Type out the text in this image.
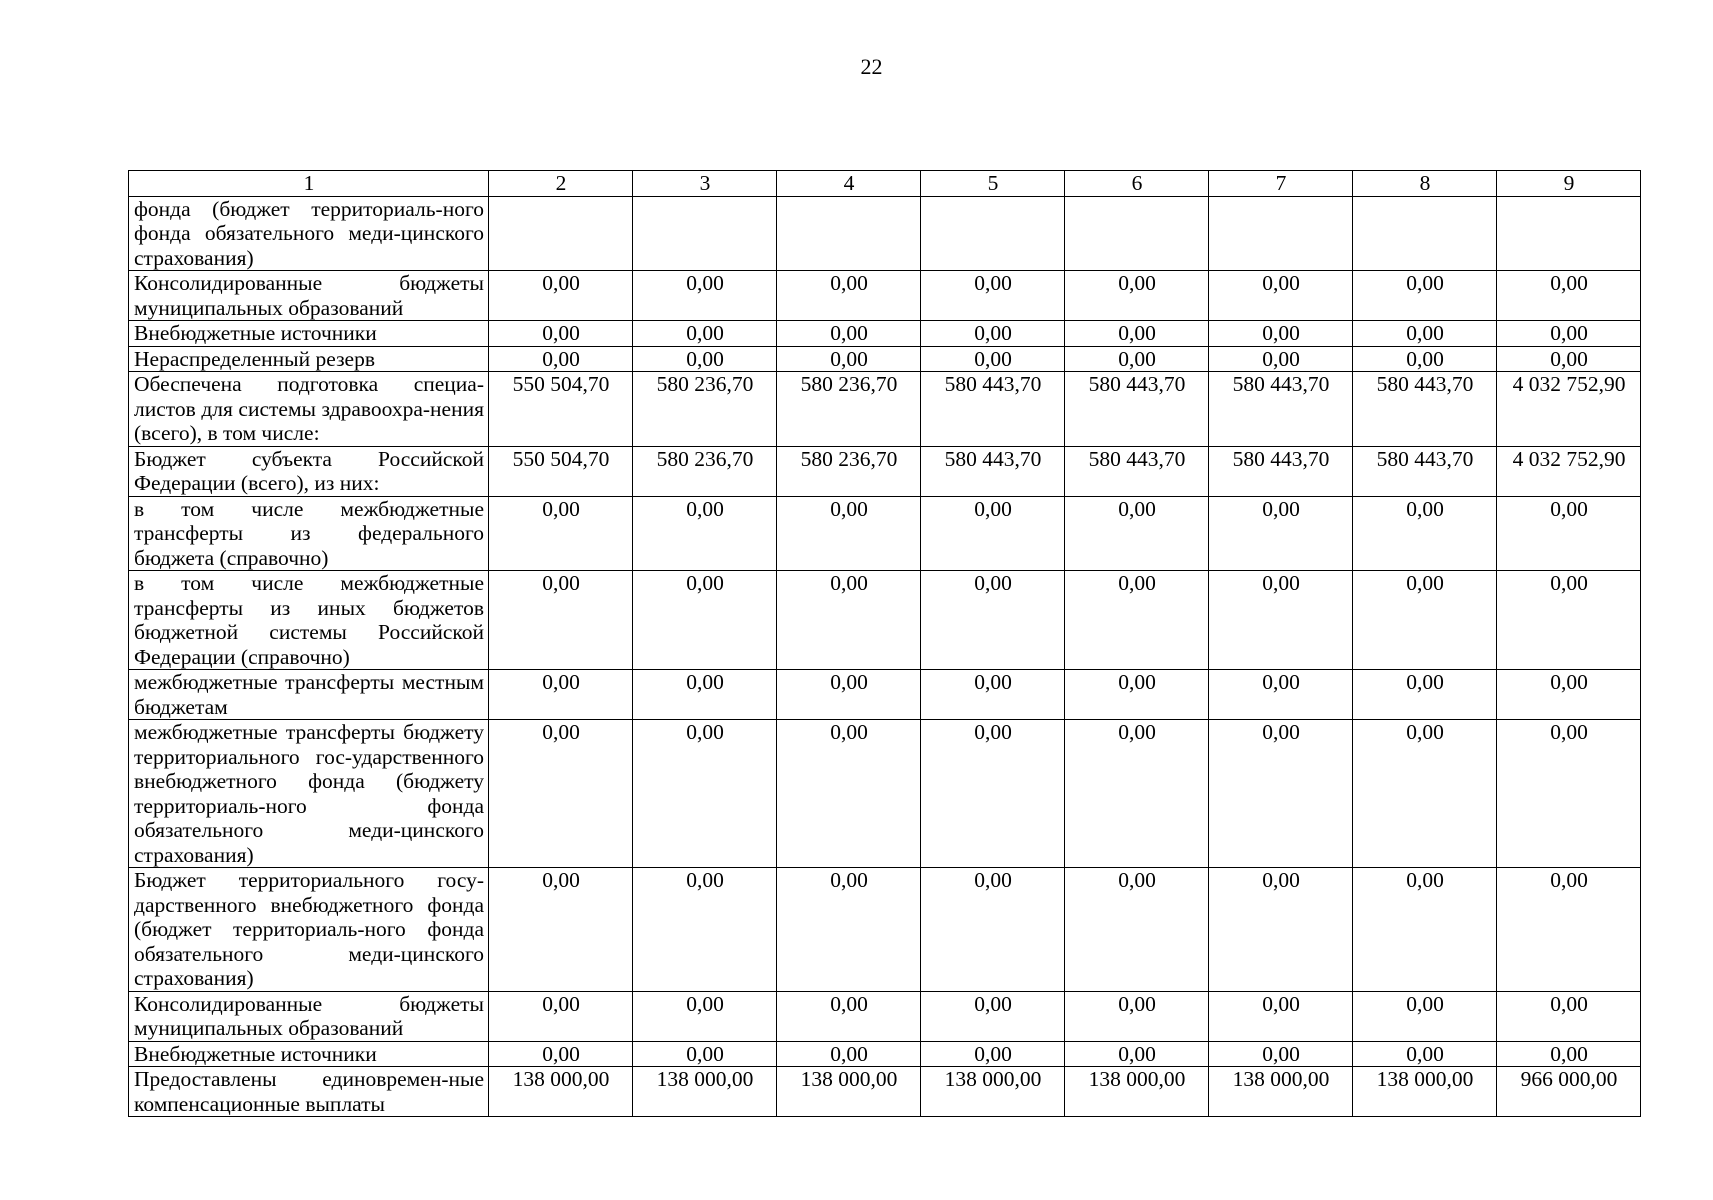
22
1	2	3	4	5	6	7	8	9
фонда (бюджет территориаль-ного фонда обязательного меди-цинского страхования)								
Консолидированные бюджеты муниципальных образований	0,00	0,00	0,00	0,00	0,00	0,00	0,00	0,00
Внебюджетные источники	0,00	0,00	0,00	0,00	0,00	0,00	0,00	0,00
Нераспределенный резерв	0,00	0,00	0,00	0,00	0,00	0,00	0,00	0,00
Обеспечена подготовка специа-листов для системы здравоохра-нения (всего), в том числе:	550 504,70	580 236,70	580 236,70	580 443,70	580 443,70	580 443,70	580 443,70	4 032 752,90
Бюджет субъекта Российской Федерации (всего), из них:	550 504,70	580 236,70	580 236,70	580 443,70	580 443,70	580 443,70	580 443,70	4 032 752,90
в том числе межбюджетные трансферты из федерального бюджета (справочно)	0,00	0,00	0,00	0,00	0,00	0,00	0,00	0,00
в том числе межбюджетные трансферты из иных бюджетов бюджетной системы Российской Федерации (справочно)	0,00	0,00	0,00	0,00	0,00	0,00	0,00	0,00
межбюджетные трансферты местным бюджетам	0,00	0,00	0,00	0,00	0,00	0,00	0,00	0,00
межбюджетные трансферты бюджету территориального гос-ударственного внебюджетного фонда (бюджету территориаль-ного фонда обязательного меди-цинского страхования)	0,00	0,00	0,00	0,00	0,00	0,00	0,00	0,00
Бюджет территориального госу-дарственного внебюджетного фонда (бюджет территориаль-ного фонда обязательного меди-цинского страхования)	0,00	0,00	0,00	0,00	0,00	0,00	0,00	0,00
Консолидированные бюджеты муниципальных образований	0,00	0,00	0,00	0,00	0,00	0,00	0,00	0,00
Внебюджетные источники	0,00	0,00	0,00	0,00	0,00	0,00	0,00	0,00
Предоставлены единовремен-ные компенсационные выплаты	138 000,00	138 000,00	138 000,00	138 000,00	138 000,00	138 000,00	138 000,00	966 000,00
